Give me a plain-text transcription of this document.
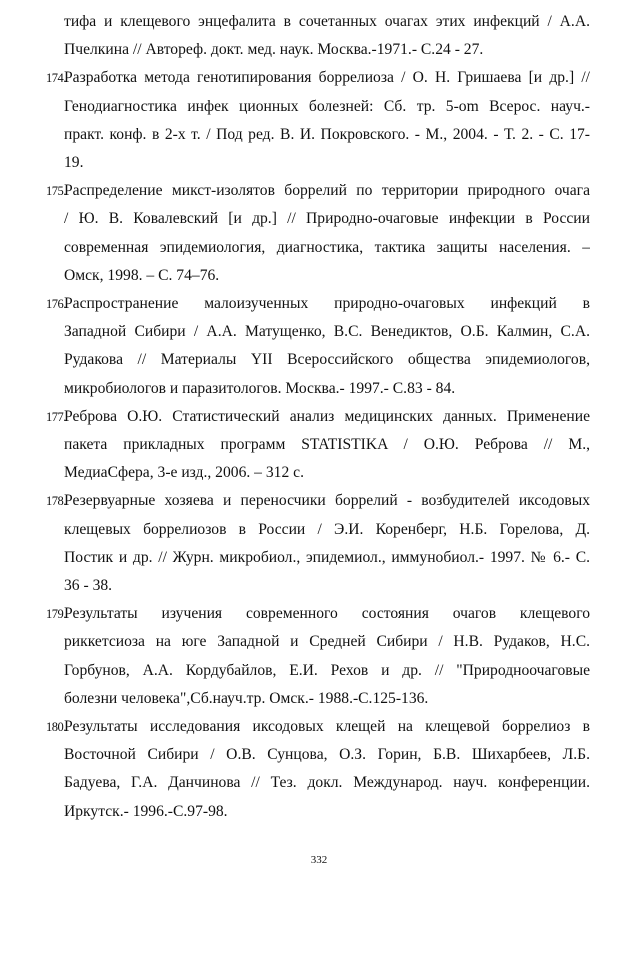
тифа и клещевого энцефалита в сочетанных очагах этих инфекций / А.А.
Пчелкина // Автореф. докт. мед. наук. Москва.-1971.- С.24 - 27.
174.
Разработка метода генотипирования боррелиоза / О. Н. Гришаева [и др.] //
Генодиагностика инфек ционных болезней: Сб. тр. 5-om Всерос. науч.-
практ. конф. в 2-х т. / Под ред. В. И. Покровского. - М., 2004. - Т. 2. - С. 17-
19.
175.
Распределение микст-изолятов боррелий по территории природного очага
/ Ю. В. Ковалевский [и др.] // Природно-очаговые инфекции в России
современная эпидемиология, диагностика, тактика защиты населения. –
Омск, 1998. – С. 74–76.
176.
Распространение малоизученных природно-очаговых инфекций в
Западной Сибири / А.А. Матущенко, В.С. Венедиктов, О.Б. Калмин, С.А.
Рудакова // Материалы YII Всероссийского общества эпидемиологов,
микробиологов и паразитологов. Москва.- 1997.- С.83 - 84.
177.
Реброва О.Ю. Статистический анализ медицинских данных. Применение
пакета прикладных программ STATISTIKA / О.Ю. Реброва // М.,
МедиаСфера, 3-е изд., 2006. – 312 с.
178.
Резервуарные хозяева и переносчики боррелий - возбудителей иксодовых
клещевых боррелиозов в России / Э.И. Коренберг, Н.Б. Горелова, Д.
Постик и др. // Журн. микробиол., эпидемиол., иммунобиол.- 1997. № 6.- С.
36 - 38.
179.
Результаты изучения современного состояния очагов клещевого
риккетсиоза на юге Западной и Средней Сибири / Н.В. Рудаков, Н.С.
Горбунов, А.А. Кордубайлов, Е.И. Рехов и др. // "Природноочаговые
болезни человека",Сб.науч.тр. Омск.- 1988.-С.125-136.
180.
Результаты исследования иксодовых клещей на клещевой боррелиоз в
Восточной Сибири / О.В. Сунцова, О.З. Горин, Б.В. Шихарбеев, Л.Б.
Бадуева, Г.А. Данчинова // Тез. докл. Международ. науч. конференции.
Иркутск.- 1996.-С.97-98.
332
